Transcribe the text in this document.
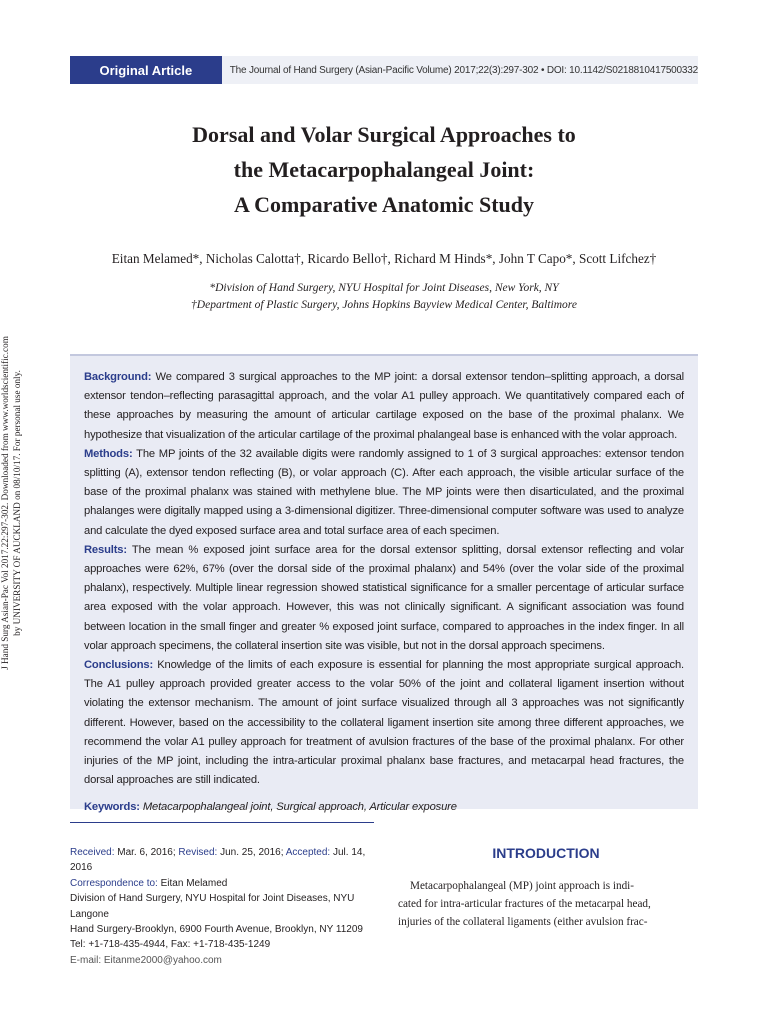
Original Article	The Journal of Hand Surgery (Asian-Pacific Volume) 2017;22(3):297-302 • DOI: 10.1142/S0218810417500332
Dorsal and Volar Surgical Approaches to
the Metacarpophalangeal Joint:
A Comparative Anatomic Study
Eitan Melamed*, Nicholas Calotta†, Ricardo Bello†, Richard M Hinds*, John T Capo*, Scott Lifchez†
*Division of Hand Surgery, NYU Hospital for Joint Diseases, New York, NY
†Department of Plastic Surgery, Johns Hopkins Bayview Medical Center, Baltimore
J Hand Surg Asian-Pac Vol 2017.22:297-302. Downloaded from www.worldscientific.com by UNIVERSITY OF AUCKLAND on 08/10/17. For personal use only.	Background: We compared 3 surgical approaches to the MP joint: a dorsal extensor tendon–splitting approach, a dorsal extensor tendon–reflecting parasagittal approach, and the volar A1 pulley approach. We quantitatively compared each of these approaches by measuring the amount of articular cartilage exposed on the base of the proximal phalanx. We hypothesize that visualization of the articular cartilage of the proximal phalangeal base is enhanced with the volar approach.

Methods: The MP joints of the 32 available digits were randomly assigned to 1 of 3 surgical approaches: extensor tendon splitting (A), extensor tendon reflecting (B), or volar approach (C). After each approach, the visible articular surface of the base of the proximal phalanx was stained with methylene blue. The MP joints were then disarticulated, and the proximal phalanges were digitally mapped using a 3-dimensional digitizer. Three-dimensional computer software was used to analyze and calculate the dyed exposed surface area and total surface area of each specimen.

Results: The mean % exposed joint surface area for the dorsal extensor splitting, dorsal extensor reflecting and volar approaches were 62%, 67% (over the dorsal side of the proximal phalanx) and 54% (over the volar side of the proximal phalanx), respectively. Multiple linear regression showed statistical significance for a smaller percentage of articular surface area exposed with the volar approach. However, this was not clinically significant. A significant association was found between location in the small finger and greater % exposed joint surface, compared to approaches in the index finger. In all volar approach specimens, the collateral insertion site was visible, but not in the dorsal approach specimens.

Conclusions: Knowledge of the limits of each exposure is essential for planning the most appropriate surgical approach. The A1 pulley approach provided greater access to the volar 50% of the joint and collateral ligament insertion without violating the extensor mechanism. The amount of joint surface visualized through all 3 approaches was not significantly different. However, based on the accessibility to the collateral ligament insertion site among three different approaches, we recommend the volar A1 pulley approach for treatment of avulsion fractures of the base of the proximal phalanx. For other injuries of the MP joint, including the intra-articular proximal phalanx base fractures, and metacarpal head fractures, the dorsal approaches are still indicated.

Keywords: Metacarpophalangeal joint, Surgical approach, Articular exposure

Received: Mar. 6, 2016; Revised: Jun. 25, 2016; Accepted: Jul. 14, 2016
Correspondence to: Eitan Melamed
Division of Hand Surgery, NYU Hospital for Joint Diseases, NYU Langone
Hand Surgery-Brooklyn, 6900 Fourth Avenue, Brooklyn, NY 11209
Tel: +1-718-435-4944, Fax: +1-718-435-1249
E-mail: Eitanme2000@yahoo.com
INTRODUCTION
Metacarpophalangeal (MP) joint approach is indi-
cated for intra-articular fractures of the metacarpal head,
injuries of the collateral ligaments (either avulsion frac-
